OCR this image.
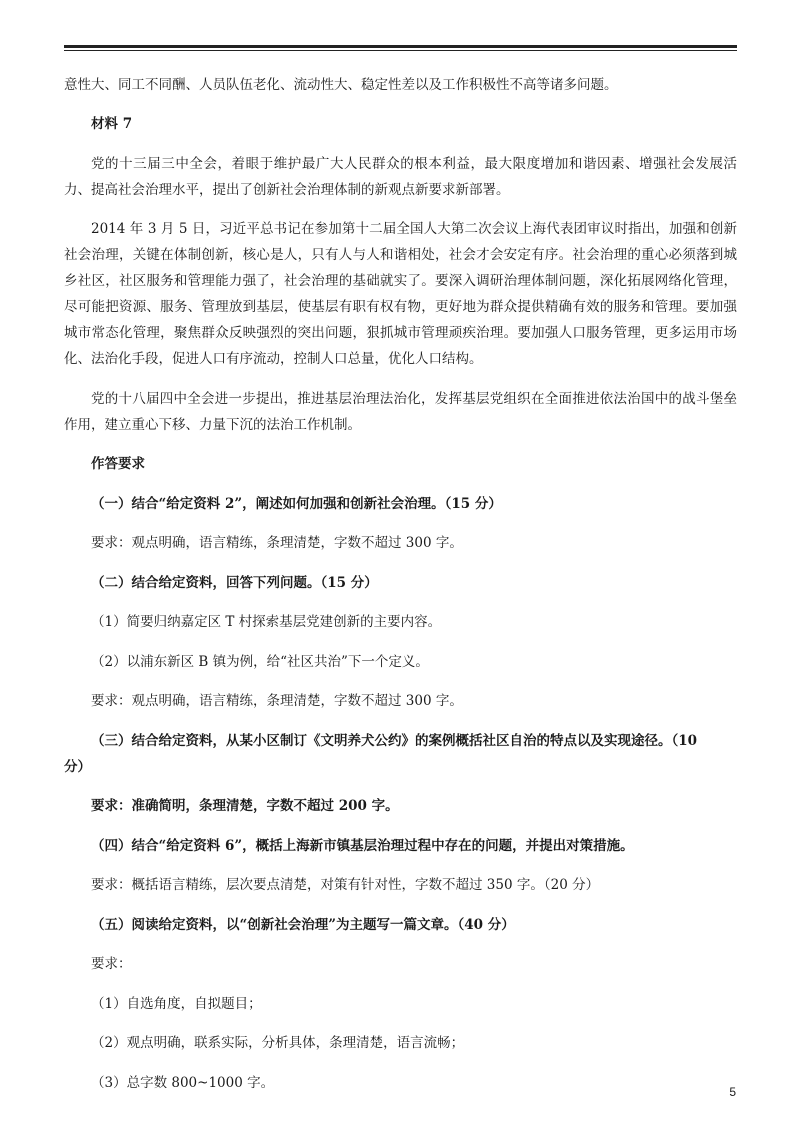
意性大、同工不同酬、人员队伍老化、流动性大、稳定性差以及工作积极性不高等诸多问题。

材料 7

党的十三届三中全会，着眼于维护最广大人民群众的根本利益，最大限度增加和谐因素、增强社会发展活力、提高社会治理水平，提出了创新社会治理体制的新观点新要求新部署。

2014 年 3 月 5 日，习近平总书记在参加第十二届全国人大第二次会议上海代表团审议时指出，加强和创新社会治理，关键在体制创新，核心是人，只有人与人和谐相处，社会才会安定有序。社会治理的重心必须落到城乡社区，社区服务和管理能力强了，社会治理的基础就实了。要深入调研治理体制问题，深化拓展网络化管理，尽可能把资源、服务、管理放到基层，使基层有职有权有物，更好地为群众提供精确有效的服务和管理。要加强城市常态化管理，聚焦群众反映强烈的突出问题，狠抓城市管理顽疾治理。要加强人口服务管理，更多运用市场化、法治化手段，促进人口有序流动，控制人口总量，优化人口结构。

党的十八届四中全会进一步提出，推进基层治理法治化，发挥基层党组织在全面推进依法治国中的战斗堡垒作用，建立重心下移、力量下沉的法治工作机制。

作答要求

（一）结合“给定资料 2”，阐述如何加强和创新社会治理。（15 分）

要求：观点明确，语言精练，条理清楚，字数不超过 300 字。

（二）结合给定资料，回答下列问题。（15 分）

（1）简要归纳嘉定区 T 村探索基层党建创新的主要内容。

（2）以浦东新区 B 镇为例，给“社区共治”下一个定义。

要求：观点明确，语言精练，条理清楚，字数不超过 300 字。

（三）结合给定资料，从某小区制订《文明养犬公约》的案例概括社区自治的特点以及实现途径。（10
分）

要求：准确简明，条理清楚，字数不超过 200 字。

（四）结合“给定资料 6”，概括上海新市镇基层治理过程中存在的问题，并提出对策措施。

要求：概括语言精练，层次要点清楚，对策有针对性，字数不超过 350 字。（20 分）

（五）阅读给定资料，以“创新社会治理”为主题写一篇文章。（40 分）

要求：

（1）自选角度，自拟题目；

（2）观点明确，联系实际，分析具体，条理清楚，语言流畅；

（3）总字数 800~1000 字。

5
